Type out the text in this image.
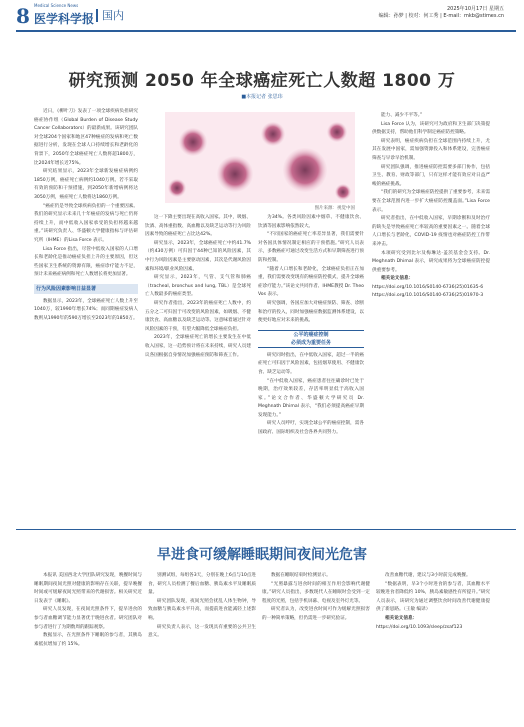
8 Medical Science News
医学科学报 国内	2025年10月17日 星期五
编辑：孙梦 | 校对：何工秀 | E-mail：mkb@stimes.cn
研究预测 2050 年全球癌症死亡人数超 1800 万
■本报记者 张思玮

近日，《柳叶刀》发表了一项全球疾病负担研究癌症协作组（Global Burden of Disease Study Cancer Collaborators）的最新成果。该研究团队对全球204个国家和地区47种癌症的发病和死亡数据进行分析，发现在全球人口持续增长和老龄化的背景下，2050年全球癌症死亡人数将超1800万，比2024年增长近75%。

研究结果显示，2023年全球新发癌症病例约1850万例，癌症死亡病例约1040万例。若不采取有效的预防和干预措施，到2050年新增病例将达3050万例，癌症死亡人数将达1860万例。

“癌症仍是导致全球疾病负担的一个重要因素。我们的研究显示未来几十年癌症的发病与死亡仍将持续上升，而中低收入国家承受的负担将越来越重。”该研究负责人、华盛顿大学健康指标与评估研究所（IHME）的Lisa Force 表示。

Lisa Force 指出，尽管中低收入国家的人口增长和老龄化是推动癌症负担上升的主要原因，但这些国家卫生系统的资源有限，癌症诊疗能力不足，预计未来癌症病例和死亡人数增长将更加显著。

行为风险因素影响日益显著

数据显示，2023年，全球癌症死亡人数上升至1040万，较1990年增长74%；而同期癌症发病人数则从1990年的590万增长至2023年的1850万。

图片来源：视觉中国

这一下降主要出现在高收入国家。其中，吸烟、饮酒、高体重指数、高血糖以及缺乏运动等行为风险因素导致的癌症死亡占比达42%。

研究显示，2023年，全球癌症死亡中约41.7%（约430万例）可归因于44种已知的风险因素，其中行为风险因素是主要驱动因素，其次是代谢风险因素和环境/职业风险因素。

研究显示，2023年，气管、支气管和肺癌（tracheal, bronchus and lung, TBL）是全球死亡人数最多的癌症类型。

研究作者指出，2023年的癌症死亡人数中，约五分之二可归因于可改变的风险因素，如吸烟、不健康饮食、高血糖以及缺乏运动等。这意味着通过针对风险因素的干预，有望大幅降低全球癌症负担。

2023年，全球癌症死亡的增长主要发生在中低收入国家，这一趋势预计将在未来持续，研究人员建议各国根据自身情况加强癌症预防和筛查工作。

为34%。各类风险因素中烟草、不健康饮食、饮酒等因素影响依然较大。

“不同国家的癌症死亡率差异显著，我们需要针对各国具体情况制定相应的干预措施。”研究人员表示，多数癌症可通过改变生活方式和早期筛查进行预防和控制。

“随着人口增长和老龄化，全球癌症负担正在加重，我们需要改变现有的癌症防控模式，提升全球癌症诊疗能力。”该论文共同作者、IHME教授 Dr. Theo Vos 表示。

研究强调，各国应加大对癌症预防、筛查、诊断和治疗的投入，同时加强癌症数据监测体系建设，以便更好地应对未来的挑战。

公平的癌症控制
必须成为重要任务

研究同时指出，在中低收入国家，超过一半的癌症死亡可归因于风险因素，包括烟草使用、不健康饮食、缺乏运动等。

“在中低收入国家，癌症患者往往确诊时已处于晚期，治疗效果较差，存活率明显低于高收入国家。”论文合作者、华盛顿大学研究员 Dr. Meghnath Dhimal 表示，“我们必须提高癌症早期发现能力。”

研究人员呼吁，实现全球公平的癌症控制，需各国政府、国际组织及社会各界共同努力。

能力、减少不平等。”

Lisa Force 认为，该研究可为政府和卫生部门决策提供数据支持，帮助他们科学制定癌症防控策略。

研究表明，癌症疾病负担在全球范围内持续上升，尤其在发展中国家，需加强资源投入和体系建设，完善癌症筛查与早诊早治机制。

研究团队强调，推进癌症防控需要多部门协作，包括卫生、教育、财政等部门，只有这样才能有效应对日益严峻的癌症挑战。

“我们的研究为全球癌症防控提供了重要参考，未来需要在全球范围内进一步扩大癌症防控覆盖面。”Lisa Force 表示。

研究者指出，在中低收入国家，早期诊断和及时治疗的缺失是导致癌症死亡率较高的重要因素之一。随着全球人口增长与老龄化，COVID-19 疫情也对癌症防控工作带来冲击。

本项研究受到比尔及梅琳达·盖茨基金会支持。Dr. Meghnath Dhimal 表示，研究成果将为全球癌症防控提供重要参考。

相关论文信息：

https://doi.org/10.1016/S0140-6736(25)01635-6

https://doi.org/10.1016/S0140-6736(25)01970-3

早进食可缓解睡眠期间夜间光危害

本报讯 美国西北大学团队研究发现，晚餐时间与睡眠期间夜间光照对健康的影响存在关联，提早晚餐时间或可缓解夜间光照带来的代谢损害。相关研究近日发表于《睡眠》。

研究人员发现，在夜间光照条件下，提早进食的参与者血糖调节能力显著优于晚进食者。研究团队对参与者进行了为期数周的跟踪观察。

数据显示，在光照条件下睡眠的参与者，其胰岛素抵抗增加了约 15%。

别测试组，每组各3天，分别在晚上6点与10点进食，研究人员检测了餐后血糖、胰岛素水平及睡眠质量。

研究团队发现，夜间光照会扰乱人体生物钟，导致血糖与胰岛素水平升高，而提前进食能减轻上述影响。

研究负责人表示，这一发现具有重要的公共卫生意义。

数据在睡眠结束时检测显示。

“光照暴露与进食时间的相互作用会影响代谢健康。”研究人员指出，多数现代人在睡眠时会受到一定程度的光照，包括手机屏幕、电视及室外灯光等。

研究者认为，改变进食时间可作为缓解光照损害的一种简单策略，但仍需进一步研究验证。

改善血糖代谢，建议与3小时前完成晚餐。

“数据表明，早3个小时进食的参与者，其血糖水平较晚进食者降低约 10%，胰岛素敏感性有所提升。”研究人员表示，该研究为通过调整饮食时间改善代谢健康提供了新思路。（王敏 编译）

相关论文信息：

https://doi.org/10.1093/sleep/zsaf123
